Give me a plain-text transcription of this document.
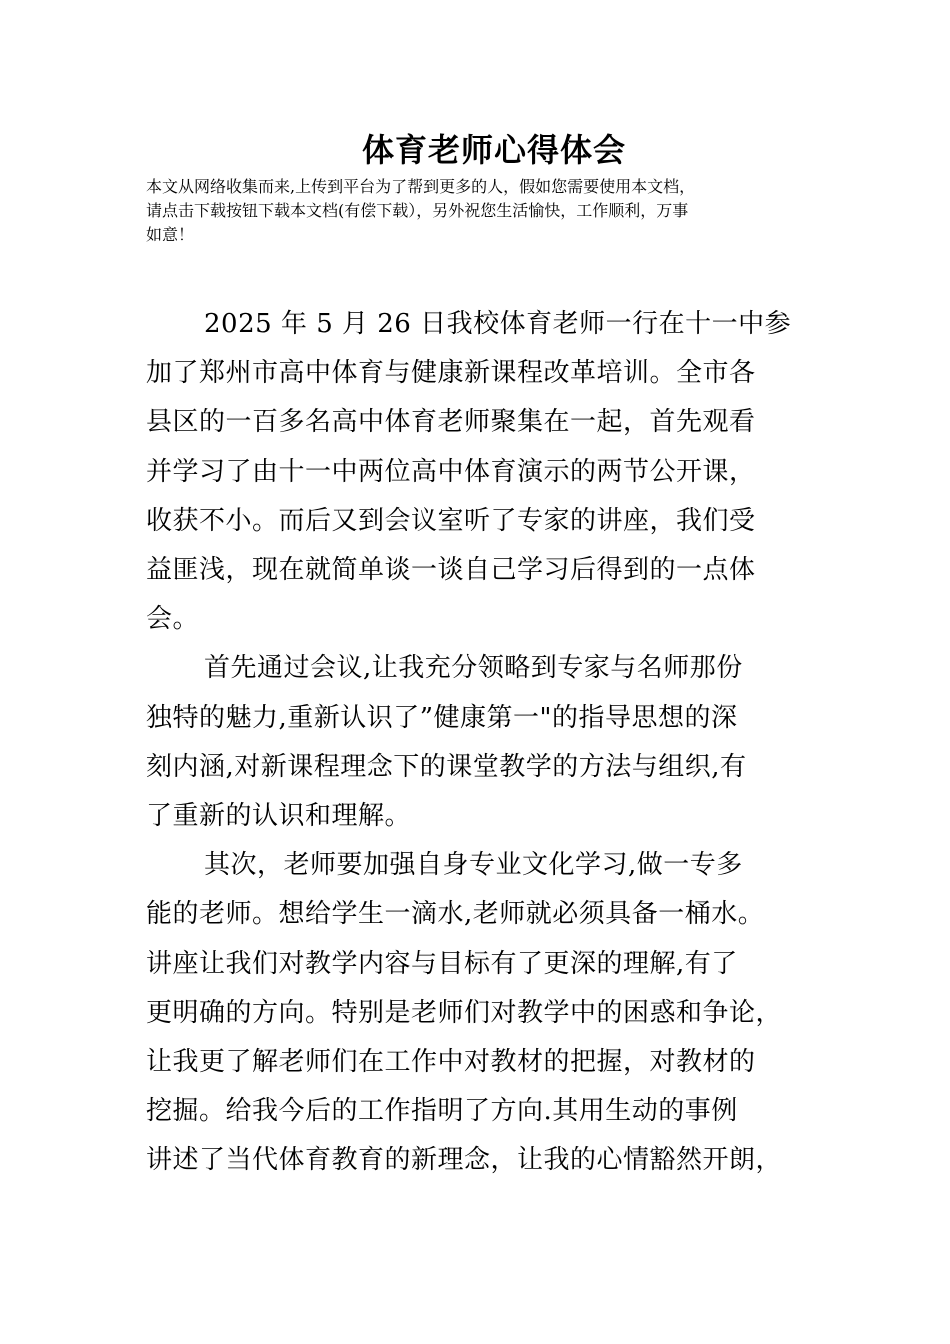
体育老师心得体会
本文从网络收集而来,上传到平台为了帮到更多的人，假如您需要使用本文档，
请点击下载按钮下载本文档(有偿下载），另外祝您生活愉快，工作顺利，万事
如意！
2025 年 5 月 26 日我校体育老师一行在十一中参
加了郑州市高中体育与健康新课程改革培训。全市各
县区的一百多名高中体育老师聚集在一起，首先观看
并学习了由十一中两位高中体育演示的两节公开课，
收获不小。而后又到会议室听了专家的讲座，我们受
益匪浅，现在就简单谈一谈自己学习后得到的一点体
会。
首先通过会议,让我充分领略到专家与名师那份
独特的魅力,重新认识了”健康第一"的指导思想的深
刻内涵,对新课程理念下的课堂教学的方法与组织,有
了重新的认识和理解。
其次，老师要加强自身专业文化学习,做一专多
能的老师。想给学生一滴水,老师就必须具备一桶水。
讲座让我们对教学内容与目标有了更深的理解,有了
更明确的方向。特别是老师们对教学中的困惑和争论，
让我更了解老师们在工作中对教材的把握，对教材的
挖掘。给我今后的工作指明了方向.其用生动的事例
讲述了当代体育教育的新理念，让我的心情豁然开朗，
